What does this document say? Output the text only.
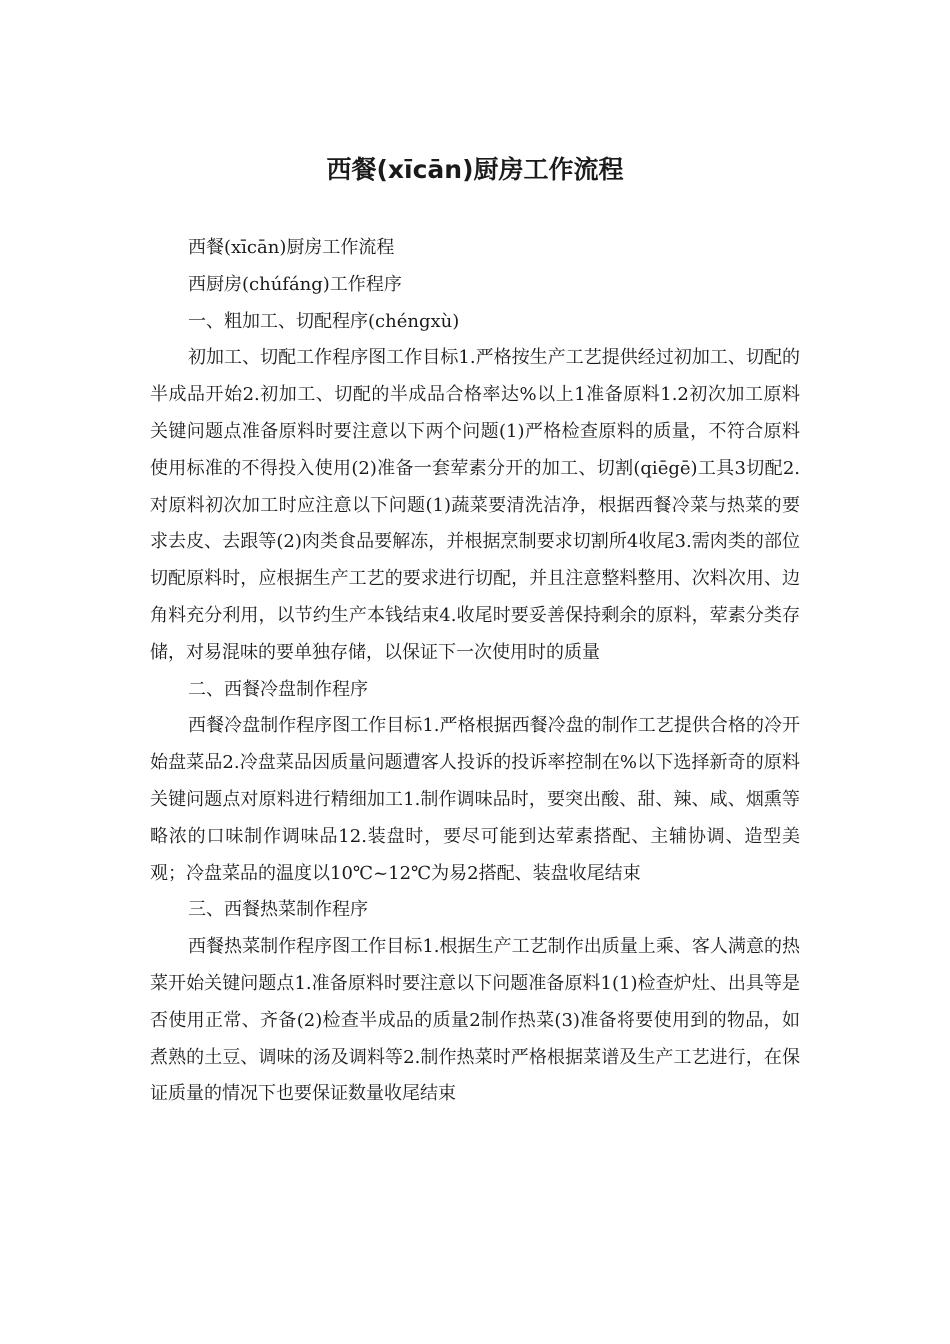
西餐(xīcān)厨房工作流程

西餐(xīcān)厨房工作流程

西厨房(chúfáng)工作程序

一、粗加工、切配程序(chéngxù)

初加工、切配工作程序图工作目标1.严格按生产工艺提供经过初加工、切配的半成品开始2.初加工、切配的半成品合格率达%以上1准备原料1.2初次加工原料关键问题点准备原料时要注意以下两个问题(1)严格检查原料的质量，不符合原料使用标准的不得投入使用(2)准备一套荤素分开的加工、切割(qiēgē)工具3切配2.对原料初次加工时应注意以下问题(1)蔬菜要清洗洁净，根据西餐冷菜与热菜的要求去皮、去跟等(2)肉类食品要解冻，并根据烹制要求切割所4收尾3.需肉类的部位切配原料时，应根据生产工艺的要求进行切配，并且注意整料整用、次料次用、边角料充分利用，以节约生产本钱结束4.收尾时要妥善保持剩余的原料，荤素分类存储，对易混味的要单独存储，以保证下一次使用时的质量

二、西餐冷盘制作程序

西餐冷盘制作程序图工作目标1.严格根据西餐冷盘的制作工艺提供合格的冷开始盘菜品2.冷盘菜品因质量问题遭客人投诉的投诉率控制在%以下选择新奇的原料关键问题点对原料进行精细加工1.制作调味品时，要突出酸、甜、辣、咸、烟熏等略浓的口味制作调味品12.装盘时，要尽可能到达荤素搭配、主辅协调、造型美观；冷盘菜品的温度以10℃~12℃为易2搭配、装盘收尾结束

三、西餐热菜制作程序

西餐热菜制作程序图工作目标1.根据生产工艺制作出质量上乘、客人满意的热菜开始关键问题点1.准备原料时要注意以下问题准备原料1(1)检查炉灶、出具等是否使用正常、齐备(2)检查半成品的质量2制作热菜(3)准备将要使用到的物品，如煮熟的土豆、调味的汤及调料等2.制作热菜时严格根据菜谱及生产工艺进行，在保证质量的情况下也要保证数量收尾结束
